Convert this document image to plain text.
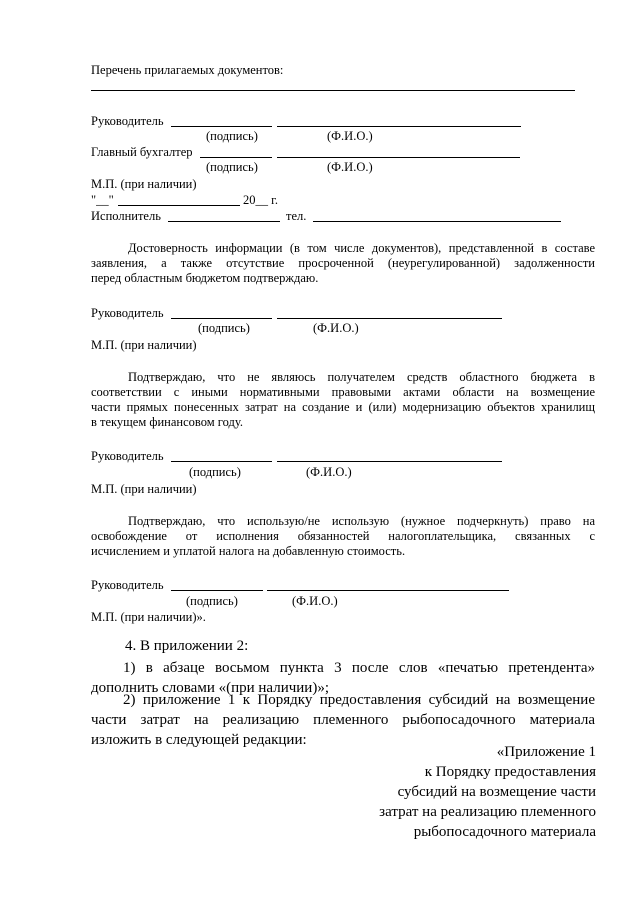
Перечень прилагаемых документов:
Руководитель
(подпись)	(Ф.И.О.)
Главный бухгалтер
(подпись)	(Ф.И.О.)
М.П. (при наличии)
"__"	20__ г.
Исполнитель	тел.
Достоверность информации (в том числе документов), представленной в составе
заявления, а также отсутствие просроченной (неурегулированной) задолженности
перед областным бюджетом подтверждаю.
Руководитель
(подпись)	(Ф.И.О.)
М.П. (при наличии)
Подтверждаю, что не являюсь получателем средств областного бюджета в
соответствии с иными нормативными правовыми актами области на возмещение
части прямых понесенных затрат на создание и (или) модернизацию объектов хранилищ
в текущем финансовом году.
Руководитель
(подпись)	(Ф.И.О.)
М.П. (при наличии)
Подтверждаю, что использую/не использую (нужное подчеркнуть) право на
освобождение от исполнения обязанностей налогоплательщика, связанных с
исчислением и уплатой налога на добавленную стоимость.
Руководитель
(подпись)	(Ф.И.О.)
М.П. (при наличии)».
4. В приложении 2:
1) в абзаце восьмом пункта 3 после слов «печатью претендента»
дополнить словами «(при наличии)»;
2) приложение 1 к Порядку предоставления субсидий на возмещение
части затрат на реализацию племенного рыбопосадочного материала
изложить в следующей редакции:
«Приложение 1
к Порядку предоставления
субсидий на возмещение части
затрат на реализацию племенного
рыбопосадочного материала
